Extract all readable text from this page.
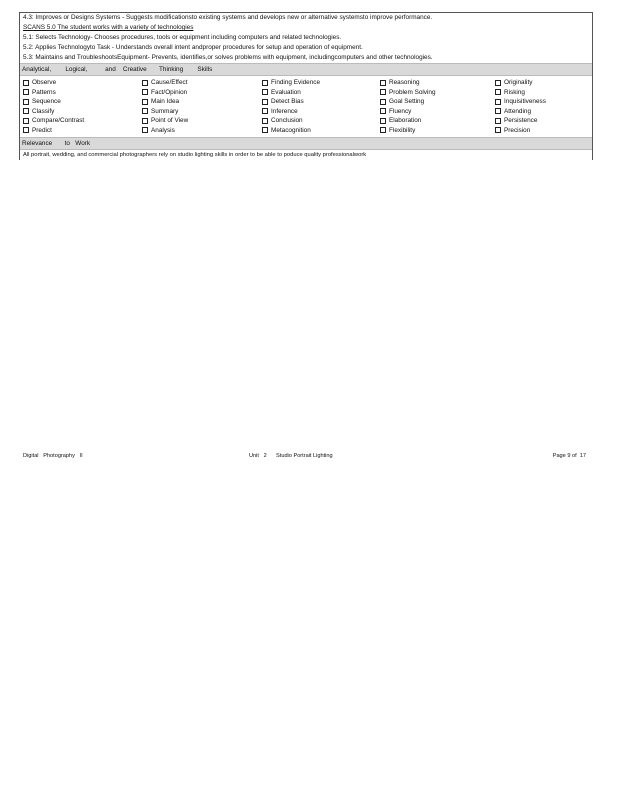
4.3: Improves or Designs Systems - Suggests modificationsto existing systems and develops new or alternative systemsto improve performance.
SCANS 5.0 The student works with a variety of technologies
5.1: Selects Technology- Chooses procedures, tools or equipment including computers and related technologies.
5.2: Applies Technologyto Task - Understands overall intent andproper procedures for setup and operation of equipment.
5.3: Maintains and TroubleshootsEquipment- Prevents, identifies,or solves problems with equipment, includingcomputers and other technologies.
Analytical,        Logical,          and    Creative       Thinking        Skills
Observe
Patterns
Sequence
Classify
Compare/Contrast
Predict
Cause/Effect
Fact/Opinion
Main Idea
Summary
Point of View
Analysis
Finding Evidence
Evaluation
Detect Bias
Inference
Conclusion
Metacognition
Reasoning
Problem Solving
Goal Setting
Fluency
Elaboration
Flexibility
Originality
Risking
Inquisitiveness
Attending
Persistence
Precision
Relevance       to   Work
All portrait, wedding, and commercial photographers rely on studio lighting skills in order to be able to poduce quality professionalwork
Digital   Photography   II	Unit   2      Studio Portrait Lighting	Page 9 of  17
